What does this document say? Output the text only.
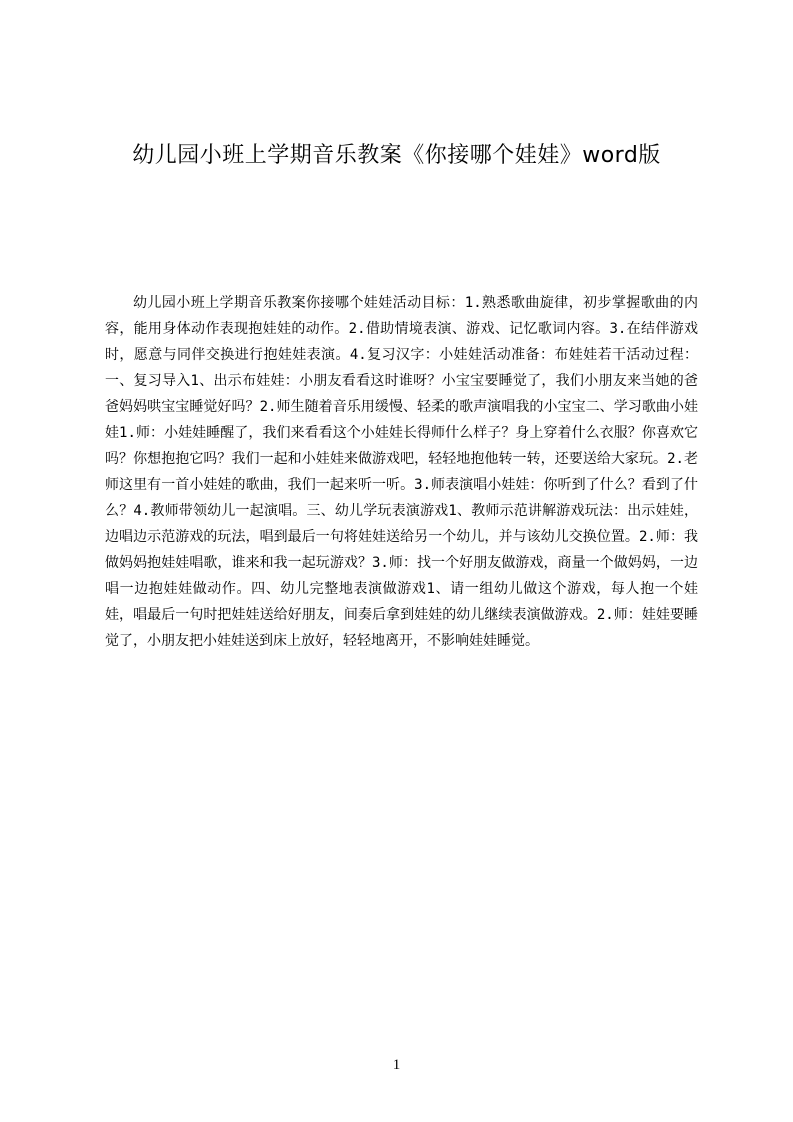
幼儿园小班上学期音乐教案《你接哪个娃娃》word版

幼儿园小班上学期音乐教案你接哪个娃娃活动目标：1.熟悉歌曲旋律，初步掌握歌曲的内容，能用身体动作表现抱娃娃的动作。2.借助情境表演、游戏、记忆歌词内容。3.在结伴游戏时，愿意与同伴交换进行抱娃娃表演。4.复习汉字：小娃娃活动准备：布娃娃若干活动过程：一、复习导入1、出示布娃娃：小朋友看看这时谁呀？小宝宝要睡觉了，我们小朋友来当她的爸爸妈妈哄宝宝睡觉好吗？2.师生随着音乐用缓慢、轻柔的歌声演唱我的小宝宝二、学习歌曲小娃娃1.师：小娃娃睡醒了，我们来看看这个小娃娃长得师什么样子？身上穿着什么衣服？你喜欢它吗？你想抱抱它吗？我们一起和小娃娃来做游戏吧，轻轻地抱他转一转，还要送给大家玩。2.老师这里有一首小娃娃的歌曲，我们一起来听一听。3.师表演唱小娃娃：你听到了什么？看到了什么？4.教师带领幼儿一起演唱。三、幼儿学玩表演游戏1、教师示范讲解游戏玩法：出示娃娃，边唱边示范游戏的玩法，唱到最后一句将娃娃送给另一个幼儿，并与该幼儿交换位置。2.师：我做妈妈抱娃娃唱歌，谁来和我一起玩游戏？3.师：找一个好朋友做游戏，商量一个做妈妈，一边唱一边抱娃娃做动作。四、幼儿完整地表演做游戏1、请一组幼儿做这个游戏，每人抱一个娃娃，唱最后一句时把娃娃送给好朋友，间奏后拿到娃娃的幼儿继续表演做游戏。2.师：娃娃要睡觉了，小朋友把小娃娃送到床上放好，轻轻地离开，不影响娃娃睡觉。

1
